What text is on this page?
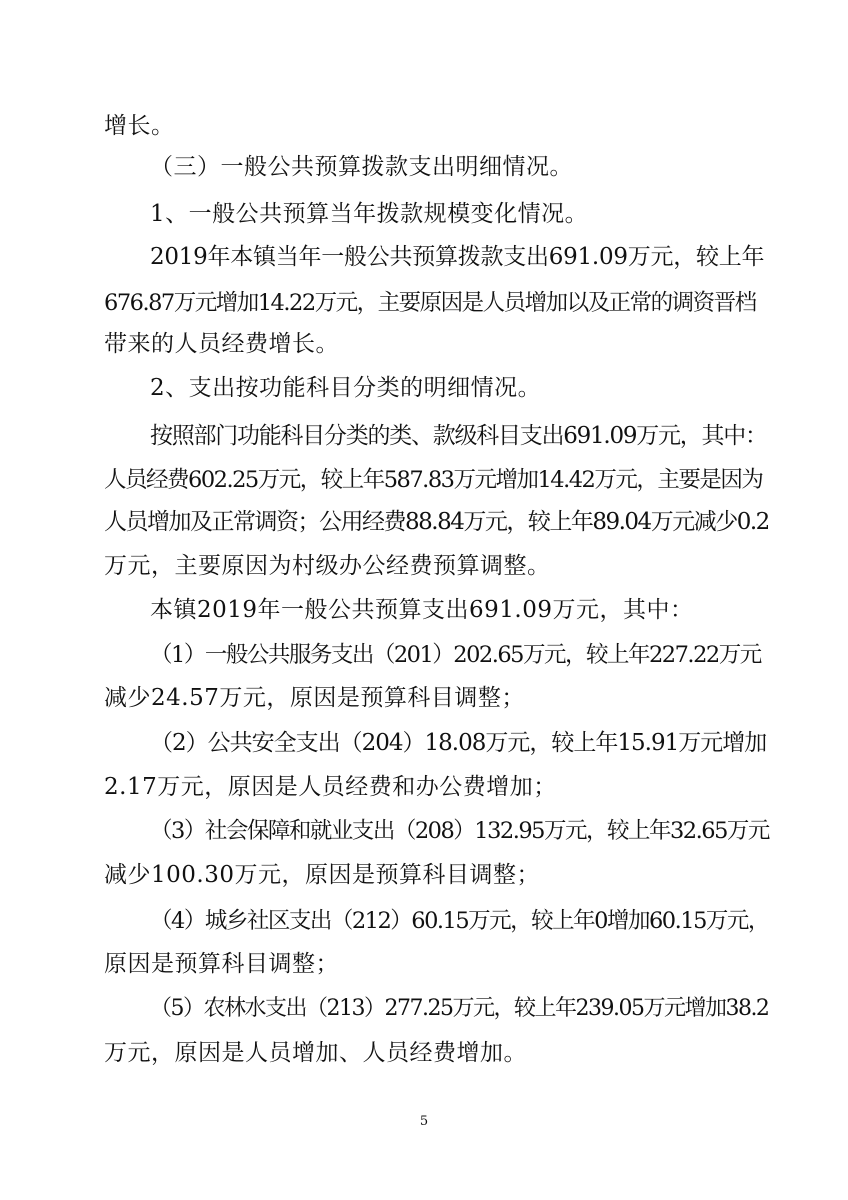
增长。
（三）一般公共预算拨款支出明细情况。
1、一般公共预算当年拨款规模变化情况。
2019年本镇当年一般公共预算拨款支出691.09万元，较上年
676.87万元增加14.22万元，主要原因是人员增加以及正常的调资晋档
带来的人员经费增长。
2、支出按功能科目分类的明细情况。
按照部门功能科目分类的类、款级科目支出691.09万元，其中：
人员经费602.25万元，较上年587.83万元增加14.42万元，主要是因为
人员增加及正常调资；公用经费88.84万元，较上年89.04万元减少0.2
万元，主要原因为村级办公经费预算调整。
本镇2019年一般公共预算支出691.09万元，其中：
（1）一般公共服务支出（201）202.65万元，较上年227.22万元
减少24.57万元，原因是预算科目调整；
（2）公共安全支出（204）18.08万元，较上年15.91万元增加
2.17万元，原因是人员经费和办公费增加；
（3）社会保障和就业支出（208）132.95万元，较上年32.65万元
减少100.30万元，原因是预算科目调整；
（4）城乡社区支出（212）60.15万元，较上年0增加60.15万元，
原因是预算科目调整；
（5）农林水支出（213）277.25万元，较上年239.05万元增加38.2
万元，原因是人员增加、人员经费增加。
5
